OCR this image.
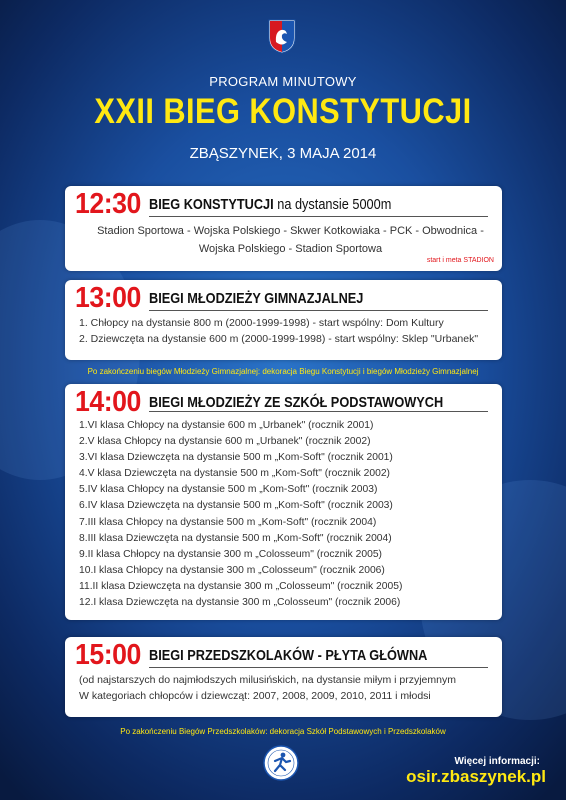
PROGRAM MINUTOWY
XXII BIEG KONSTYTUCJI
ZBĄSZYNEK, 3 MAJA 2014
12:30 BIEG KONSTYTUCJI na dystansie 5000m
Stadion Sportowa - Wojska Polskiego - Skwer Kotkowiaka - PCK - Obwodnica -
Wojska Polskiego - Stadion Sportowa
start i meta STADION
13:00 BIEGI MŁODZIEŻY GIMNAZJALNEJ
1. Chłopcy na dystansie 800 m (2000-1999-1998) - start wspólny: Dom Kultury
2. Dziewczęta na dystansie 600 m (2000-1999-1998) - start wspólny: Sklep "Urbanek"
Po zakończeniu biegów Młodzieży Gimnazjalnej: dekoracja Biegu Konstytucji i biegów Młodzieży Gimnazjalnej
14:00 BIEGI MŁODZIEŻY ZE SZKÓŁ PODSTAWOWYCH
1.VI klasa Chłopcy na dystansie 600 m „Urbanek" (rocznik 2001)
2.V klasa Chłopcy na dystansie 600 m „Urbanek" (rocznik 2002)
3.VI klasa Dziewczęta na dystansie 500 m „Kom-Soft" (rocznik 2001)
4.V klasa Dziewczęta na dystansie 500 m „Kom-Soft" (rocznik 2002)
5.IV klasa Chłopcy na dystansie 500 m „Kom-Soft" (rocznik 2003)
6.IV klasa Dziewczęta na dystansie 500 m „Kom-Soft" (rocznik 2003)
7.III klasa Chłopcy na dystansie 500 m „Kom-Soft" (rocznik 2004)
8.III klasa Dziewczęta na dystansie 500 m „Kom-Soft" (rocznik 2004)
9.II klasa Chłopcy na dystansie 300 m „Colosseum" (rocznik 2005)
10.I klasa Chłopcy na dystansie 300 m „Colosseum" (rocznik 2006)
11.II klasa Dziewczęta na dystansie 300 m „Colosseum" (rocznik 2005)
12.I klasa Dziewczęta na dystansie 300 m „Colosseum" (rocznik 2006)
15:00 BIEGI PRZEDSZKOLAKÓW - PŁYTA GŁÓWNA
(od najstarszych do najmłodszych milusińskich, na dystansie miłym i przyjemnym
W kategoriach chłopców i dziewcząt: 2007, 2008, 2009, 2010, 2011 i młodsi
Po zakończeniu Biegów Przedszkolaków: dekoracja Szkół Podstawowych i Przedszkolaków
Więcej informacji:
osir.zbaszynek.pl
